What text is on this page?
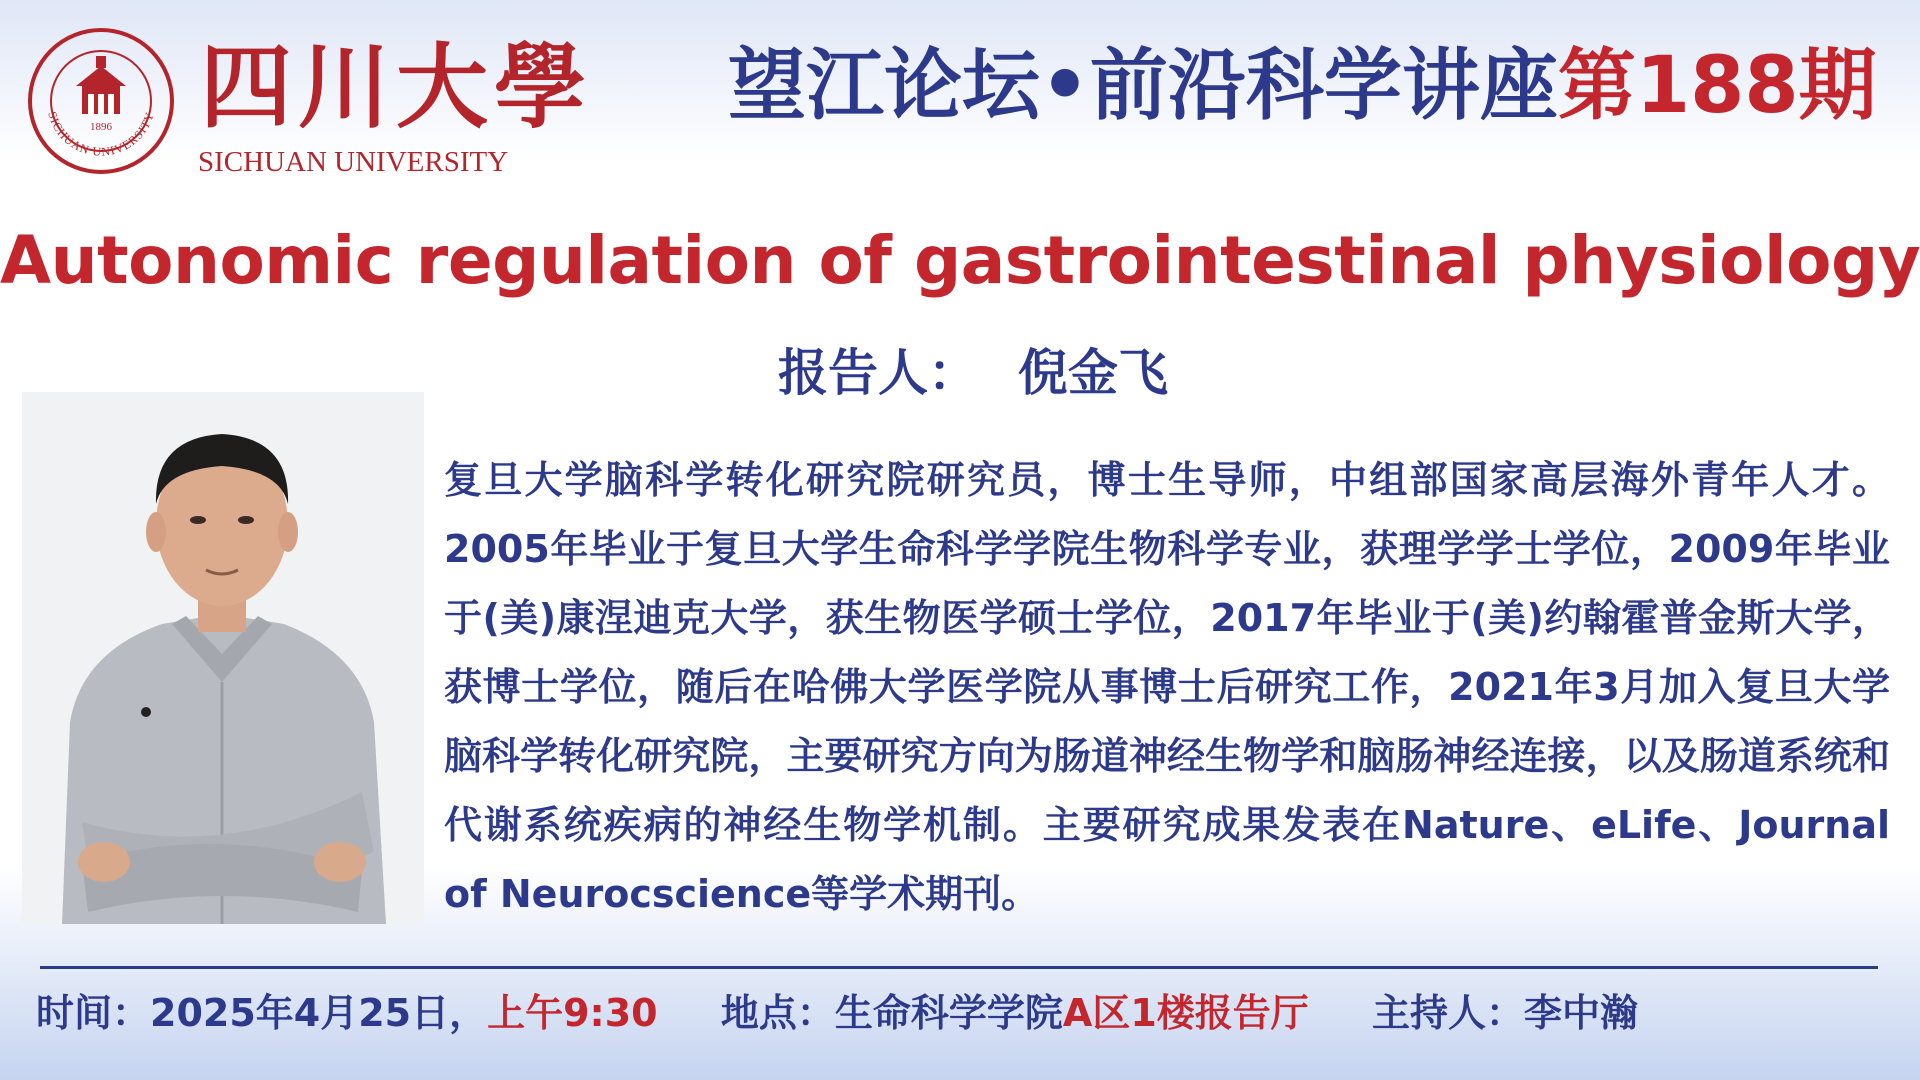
SICHUAN UNIVERSITY
1896 四川大學
SICHUAN UNIVERSITY
望江论坛•前沿科学讲座第188期
Autonomic regulation of gastrointestinal physiology
报告人： 倪金飞
复旦大学脑科学转化研究院研究员，博士生导师，中组部国家高层海外青年人才。2005年毕业于复旦大学生命科学学院生物科学专业，获理学学士学位，2009年毕业于(美)康涅迪克大学，获生物医学硕士学位，2017年毕业于(美)约翰霍普金斯大学，获博士学位，随后在哈佛大学医学院从事博士后研究工作，2021年3月加入复旦大学脑科学转化研究院，主要研究方向为肠道神经生物学和脑肠神经连接，以及肠道系统和代谢系统疾病的神经生物学机制。主要研究成果发表在Nature、eLife、Journal of Neurocscience等学术期刊。
时间：2025年4月25日，上午9:30 地点：生命科学学院A区1楼报告厅 主持人：李中瀚
